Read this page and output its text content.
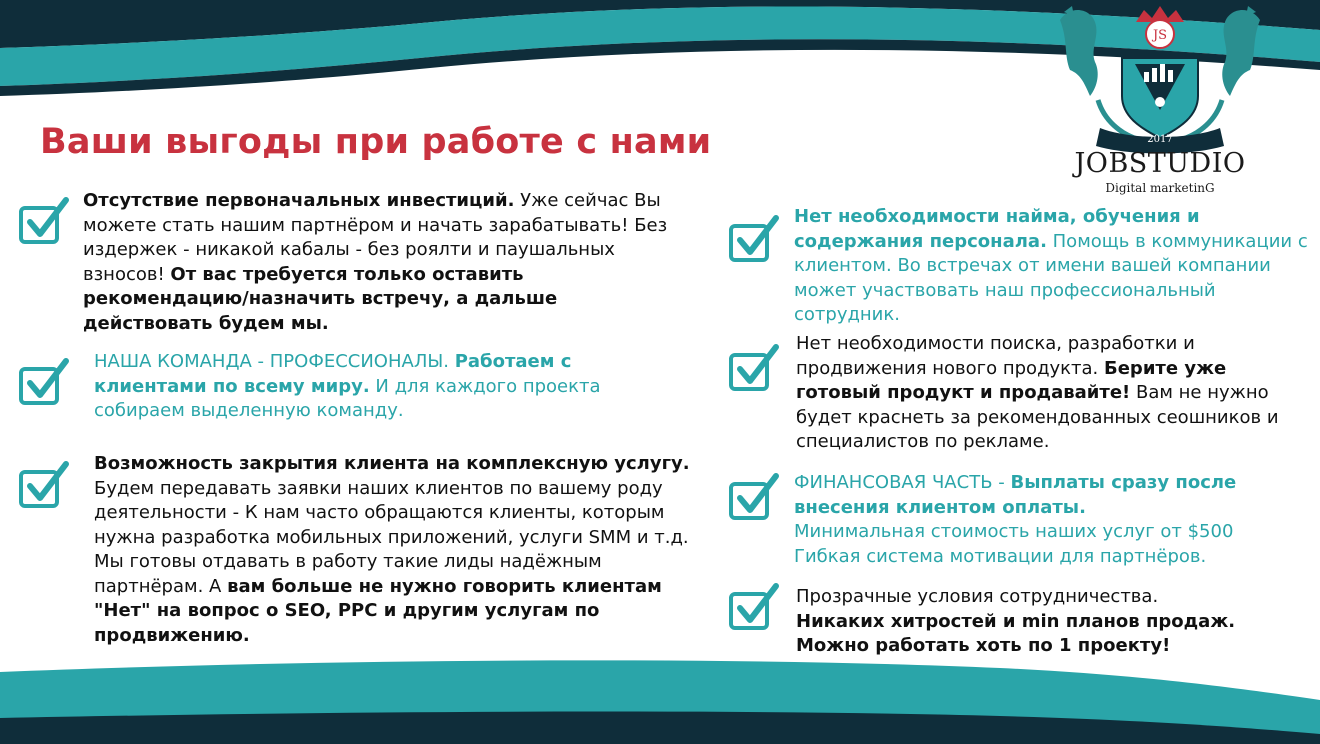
JS
2017
JOBSTUDIO
Digital marketinG
Ваши выгоды при работе с нами
Отсутствие первоначальных инвестиций. Уже сейчас Вы можете стать нашим партнёром и начать зарабатывать! Без издержек - никакой кабалы - без роялти и паушальных взносов! От вас требуется только оставить рекомендацию/назначить встречу, а дальше действовать будем мы.
НАША КОМАНДА - ПРОФЕССИОНАЛЫ. Работаем с клиентами по всему миру. И для каждого проекта собираем выделенную команду.
Возможность закрытия клиента на комплексную услугу. Будем передавать заявки наших клиентов по вашему роду деятельности - К нам часто обращаются клиенты, которым нужна разработка мобильных приложений, услуги SMM и т.д. Мы готовы отдавать в работу такие лиды надёжным партнёрам. А вам больше не нужно говорить клиентам "Нет" на вопрос о SEO, PPC и другим услугам по продвижению.
Нет необходимости найма, обучения и содержания персонала. Помощь в коммуникации с клиентом. Во встречах от имени вашей компании может участвовать наш профессиональный сотрудник.
Нет необходимости поиска, разработки и продвижения нового продукта. Берите уже готовый продукт и продавайте! Вам не нужно будет краснеть за рекомендованных сеошников и специалистов по рекламе.
ФИНАНСОВАЯ ЧАСТЬ - Выплаты сразу после внесения клиентом оплаты.
Минимальная стоимость наших услуг от $500
Гибкая система мотивации для партнёров.
Прозрачные условия сотрудничества.
Никаких хитростей и min планов продаж.
Можно работать хоть по 1 проекту!
